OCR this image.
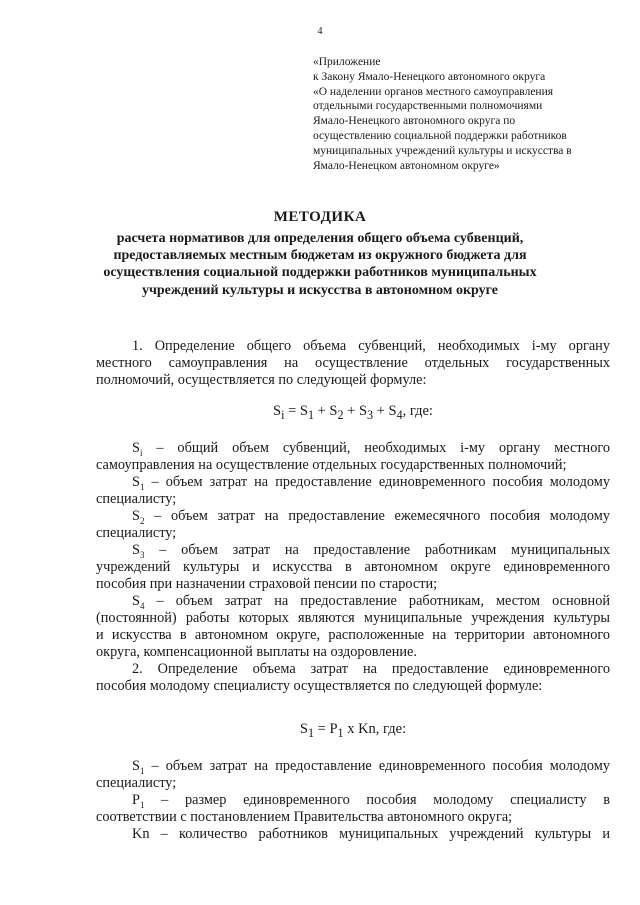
4
«Приложение
к Закону Ямало-Ненецкого автономного округа
«О наделении органов местного самоуправления
отдельными государственными полномочиями
Ямало-Ненецкого автономного округа по
осуществлению социальной поддержки работников
муниципальных учреждений культуры и искусства в
Ямало-Ненецком автономном округе»
МЕТОДИКА
расчета нормативов для определения общего объема субвенций,
предоставляемых местным бюджетам из окружного бюджета для
осуществления социальной поддержки работников муниципальных
учреждений культуры и искусства в автономном округе
1. Определение общего объема субвенций, необходимых i-му органу
местного самоуправления на осуществление отдельных государственных
полномочий, осуществляется по следующей формуле:
$S_i = S_1 + S_2 + S_3 + S_4$, где:
$S_i$ – общий объем субвенций, необходимых i-му органу местного
самоуправления на осуществление отдельных государственных полномочий;
$S_1$ – объем затрат на предоставление единовременного пособия молодому
специалисту;
$S_2$ – объем затрат на предоставление ежемесячного пособия молодому
специалисту;
$S_3$ – объем затрат на предоставление работникам муниципальных
учреждений культуры и искусства в автономном округе единовременного
пособия при назначении страховой пенсии по старости;
$S_4$ – объем затрат на предоставление работникам, местом основной
(постоянной) работы которых являются муниципальные учреждения культуры
и искусства в автономном округе, расположенные на территории автономного
округа, компенсационной выплаты на оздоровление.
2. Определение объема затрат на предоставление единовременного
пособия молодому специалисту осуществляется по следующей формуле:
$S_1 = P_1$ x Kn, где:
$S_1$ – объем затрат на предоставление единовременного пособия молодому
специалисту;
$P_1$ – размер единовременного пособия молодому специалисту в
соответствии с постановлением Правительства автономного округа;
Kn – количество работников муниципальных учреждений культуры и
